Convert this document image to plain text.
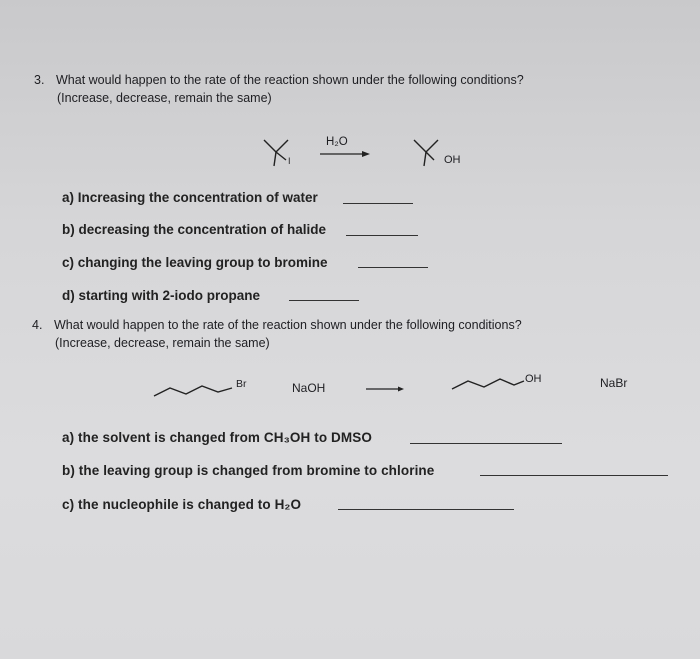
3. What would happen to the rate of the reaction shown under the following conditions?
(Increase, decrease, remain the same)
I
H₂O
OH
a) Increasing the concentration of water
b) decreasing the concentration of halide
c) changing the leaving group to bromine
d) starting with 2-iodo propane
4. What would happen to the rate of the reaction shown under the following conditions?
(Increase, decrease, remain the same)
Br	NaOH
OH	NaBr
a) the solvent is changed from CH₃OH to DMSO
b) the leaving group is changed from bromine to chlorine
c) the nucleophile is changed to H₂O
